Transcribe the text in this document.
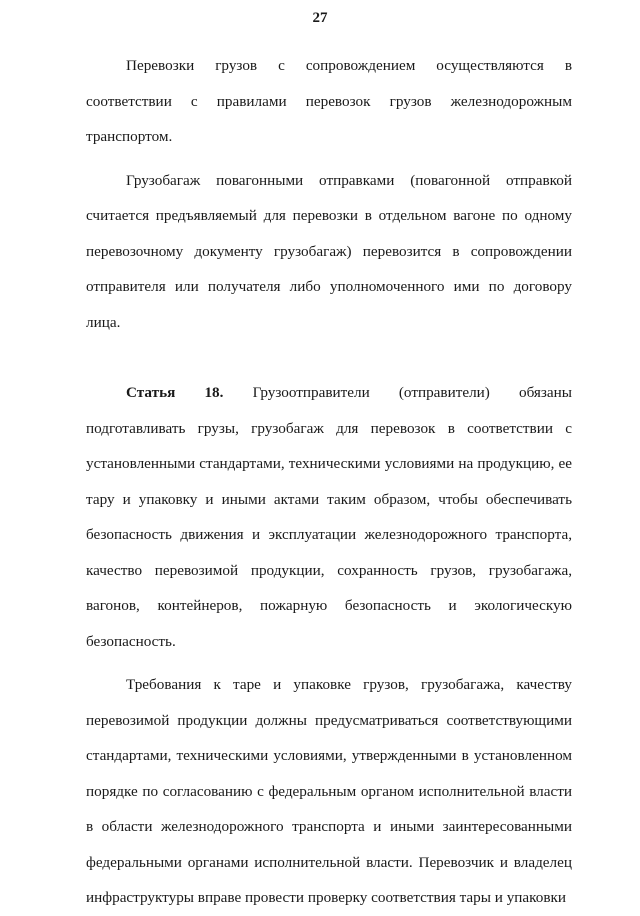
27

Перевозки грузов с сопровождением осуществляются в соответствии с правилами перевозок грузов железнодорожным транспортом.

Грузобагаж повагонными отправками (повагонной отправкой считается предъявляемый для перевозки в отдельном вагоне по одному перевозочному документу грузобагаж) перевозится в сопровождении отправителя или получателя либо уполномоченного ими по договору лица.

Статья 18. Грузоотправители (отправители) обязаны подготавливать грузы, грузобагаж для перевозок в соответствии с установленными стандартами, техническими условиями на продукцию, ее тару и упаковку и иными актами таким образом, чтобы обеспечивать безопасность движения и эксплуатации железнодорожного транспорта, качество перевозимой продукции, сохранность грузов, грузобагажа, вагонов, контейнеров, пожарную безопасность и экологическую безопасность.

Требования к таре и упаковке грузов, грузобагажа, качеству перевозимой продукции должны предусматриваться соответствующими стандартами, техническими условиями, утвержденными в установленном порядке по согласованию с федеральным органом исполнительной власти в области железнодорожного транспорта и иными заинтересованными федеральными органами исполнительной власти. Перевозчик и владелец инфраструктуры вправе провести проверку соответствия тары и упаковки
